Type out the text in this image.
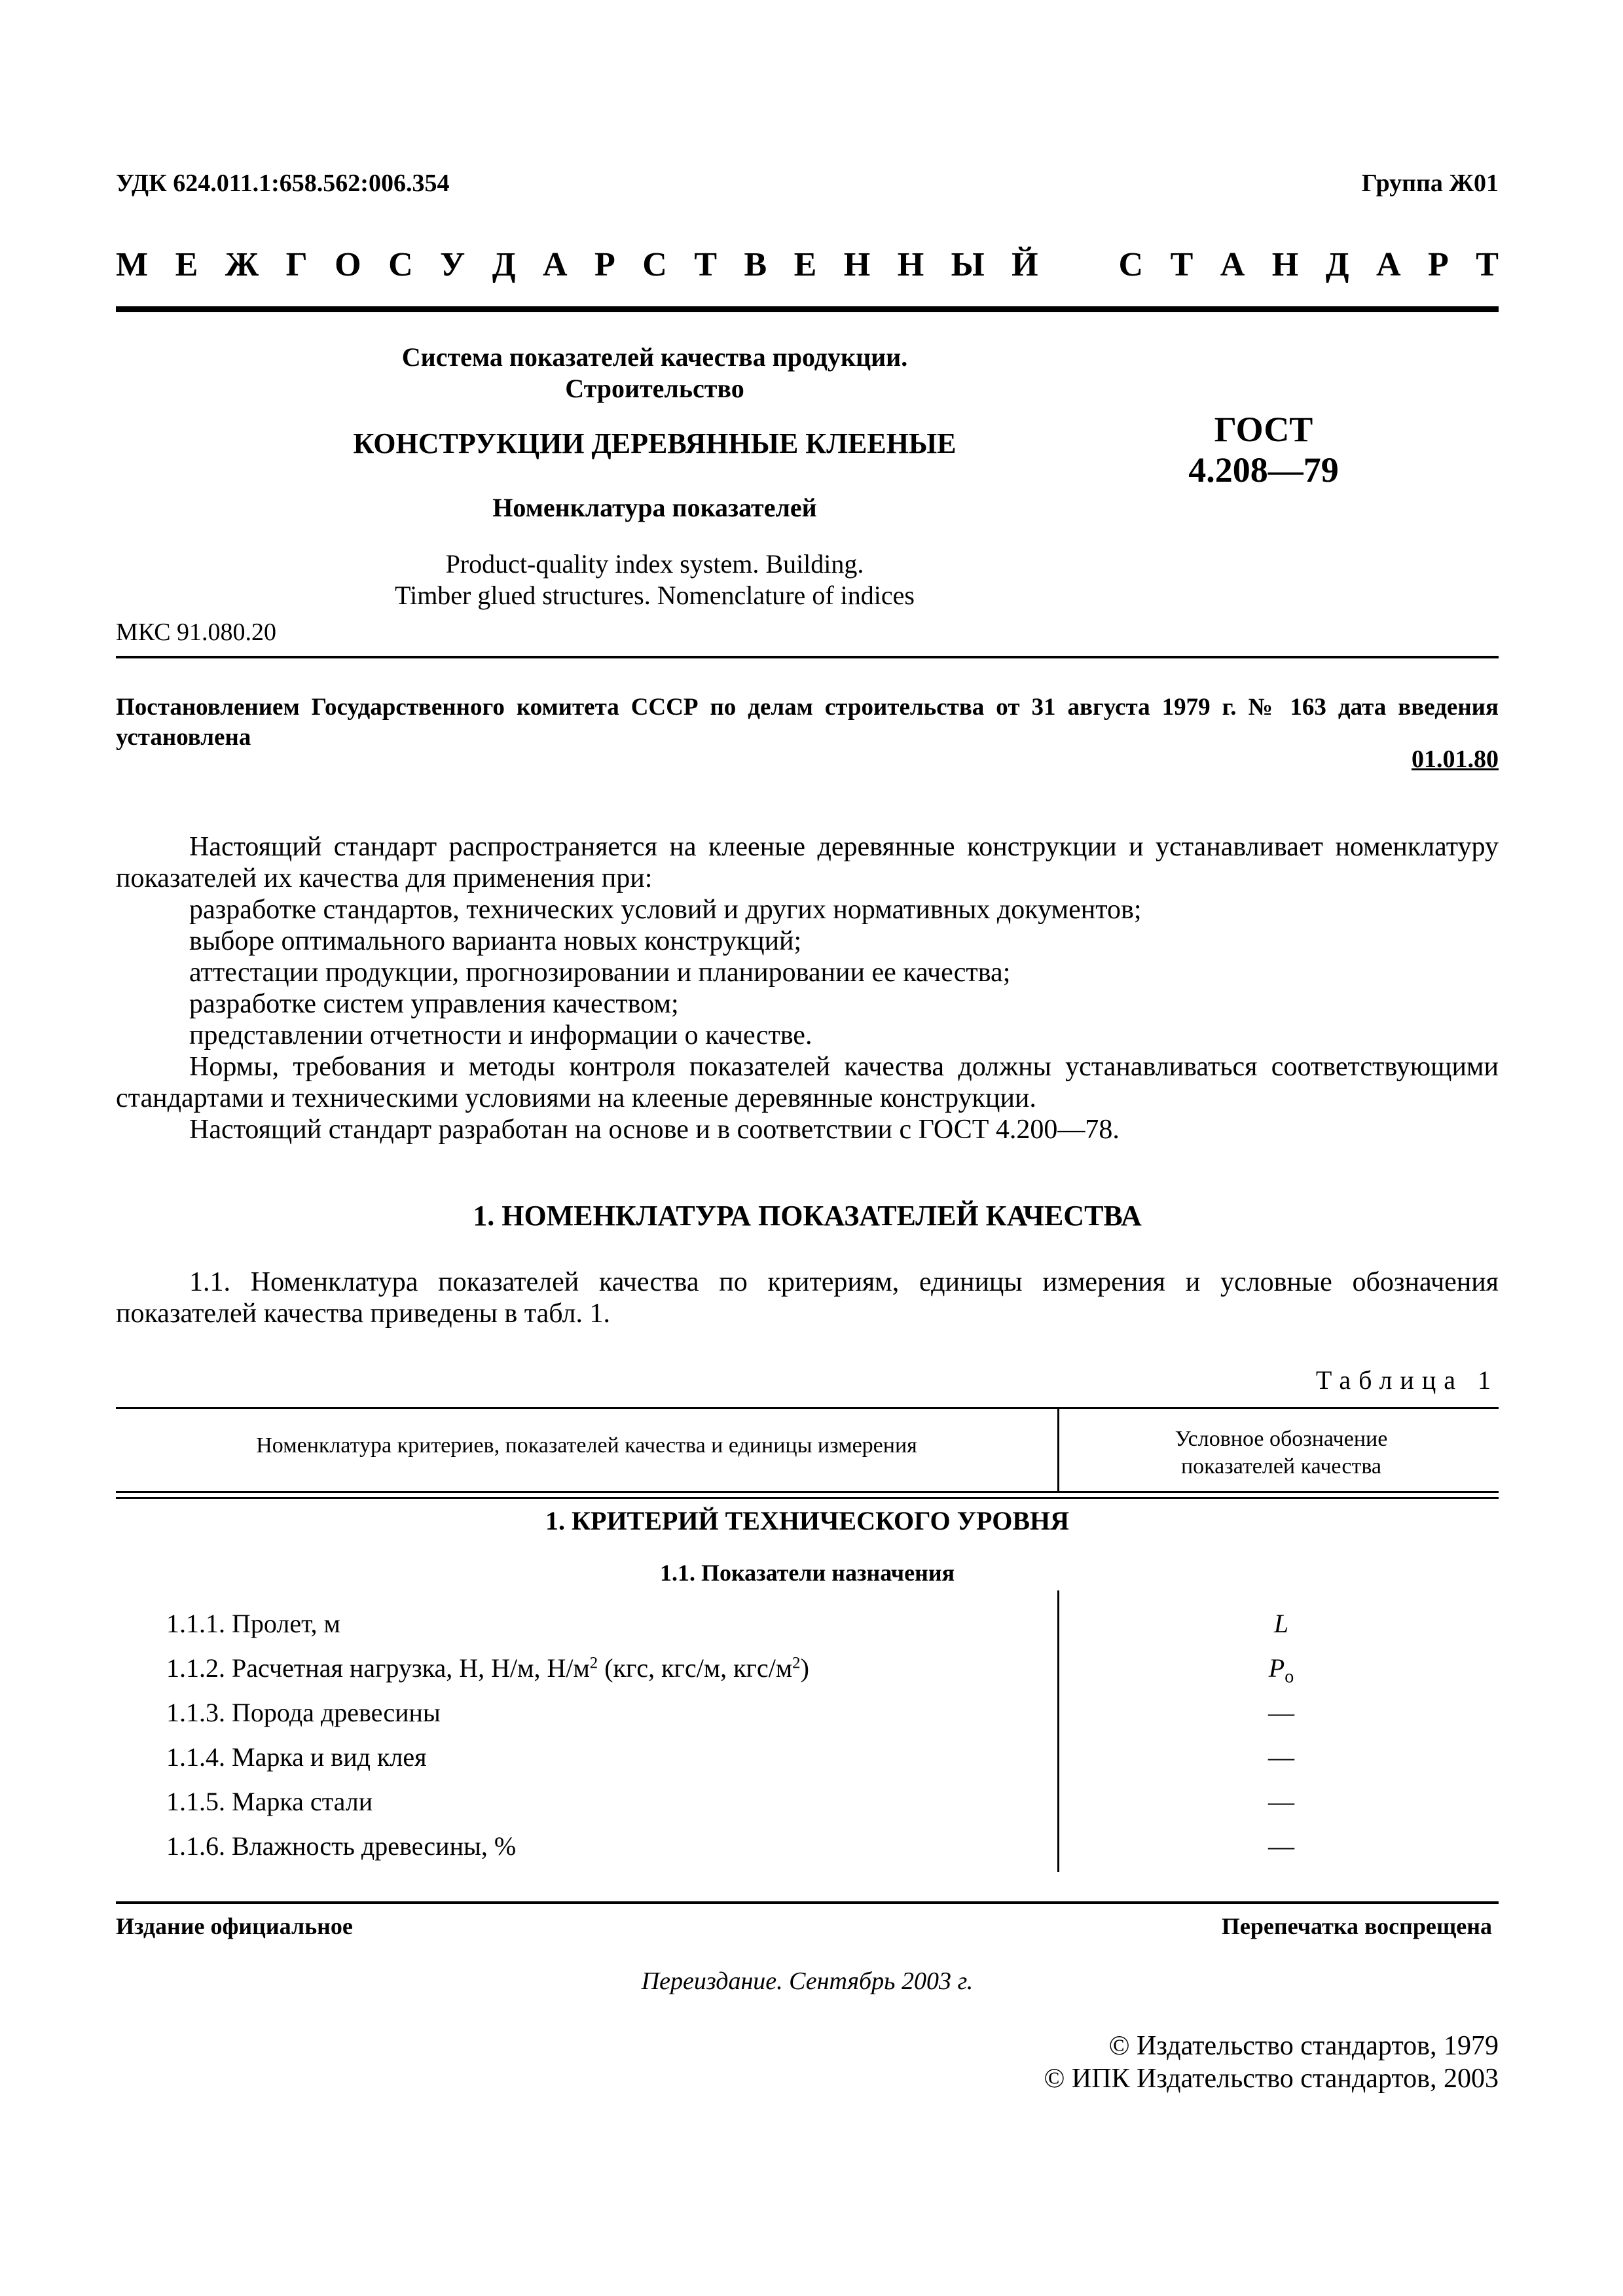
УДК 624.011.1:658.562:006.354	Группа Ж01
М Е Ж Г О С У Д А Р С Т В Е Н Н Ы Й С Т А Н Д А Р Т
Система показателей качества продукции.
Строительство
КОНСТРУКЦИИ ДЕРЕВЯННЫЕ КЛЕЕНЫЕ	ГОСТ
4.208—79
Номенклатура показателей
Product-quality index system. Building.
Timber glued structures. Nomenclature of indices
МКС 91.080.20
Постановлением Государственного комитета СССР по делам строительства от 31 августа 1979 г. № 163 дата введения установлена
01.01.80
Настоящий стандарт распространяется на клееные деревянные конструкции и устанавливает номенклатуру показателей их качества для применения при:
разработке стандартов, технических условий и других нормативных документов;
выборе оптимального варианта новых конструкций;
аттестации продукции, прогнозировании и планировании ее качества;
разработке систем управления качеством;
представлении отчетности и информации о качестве.
Нормы, требования и методы контроля показателей качества должны устанавливаться соответствующими стандартами и техническими условиями на клееные деревянные конструкции.
Настоящий стандарт разработан на основе и в соответствии с ГОСТ 4.200—78.
1. НОМЕНКЛАТУРА ПОКАЗАТЕЛЕЙ КАЧЕСТВА
1.1. Номенклатура показателей качества по критериям, единицы измерения и условные обозначения показателей качества приведены в табл. 1.
Таблица 1
Номенклатура критериев, показателей качества и единицы измерения	Условное обозначение
показателей качества
1. КРИТЕРИЙ ТЕХНИЧЕСКОГО УРОВНЯ
1.1. Показатели назначения
1.1.1. Пролет, м	L
1.1.2. Расчетная нагрузка, Н, Н/м, $Н/м^2$ (кгс, кгс/м, кгс/$м^2$)	$P_о$
1.1.3. Порода древесины	—
1.1.4. Марка и вид клея	—
1.1.5. Марка стали	—
1.1.6. Влажность древесины, %	—
Издание официальное	Перепечатка воспрещена
Переиздание. Сентябрь 2003 г.
© Издательство стандартов, 1979
© ИПК Издательство стандартов, 2003
